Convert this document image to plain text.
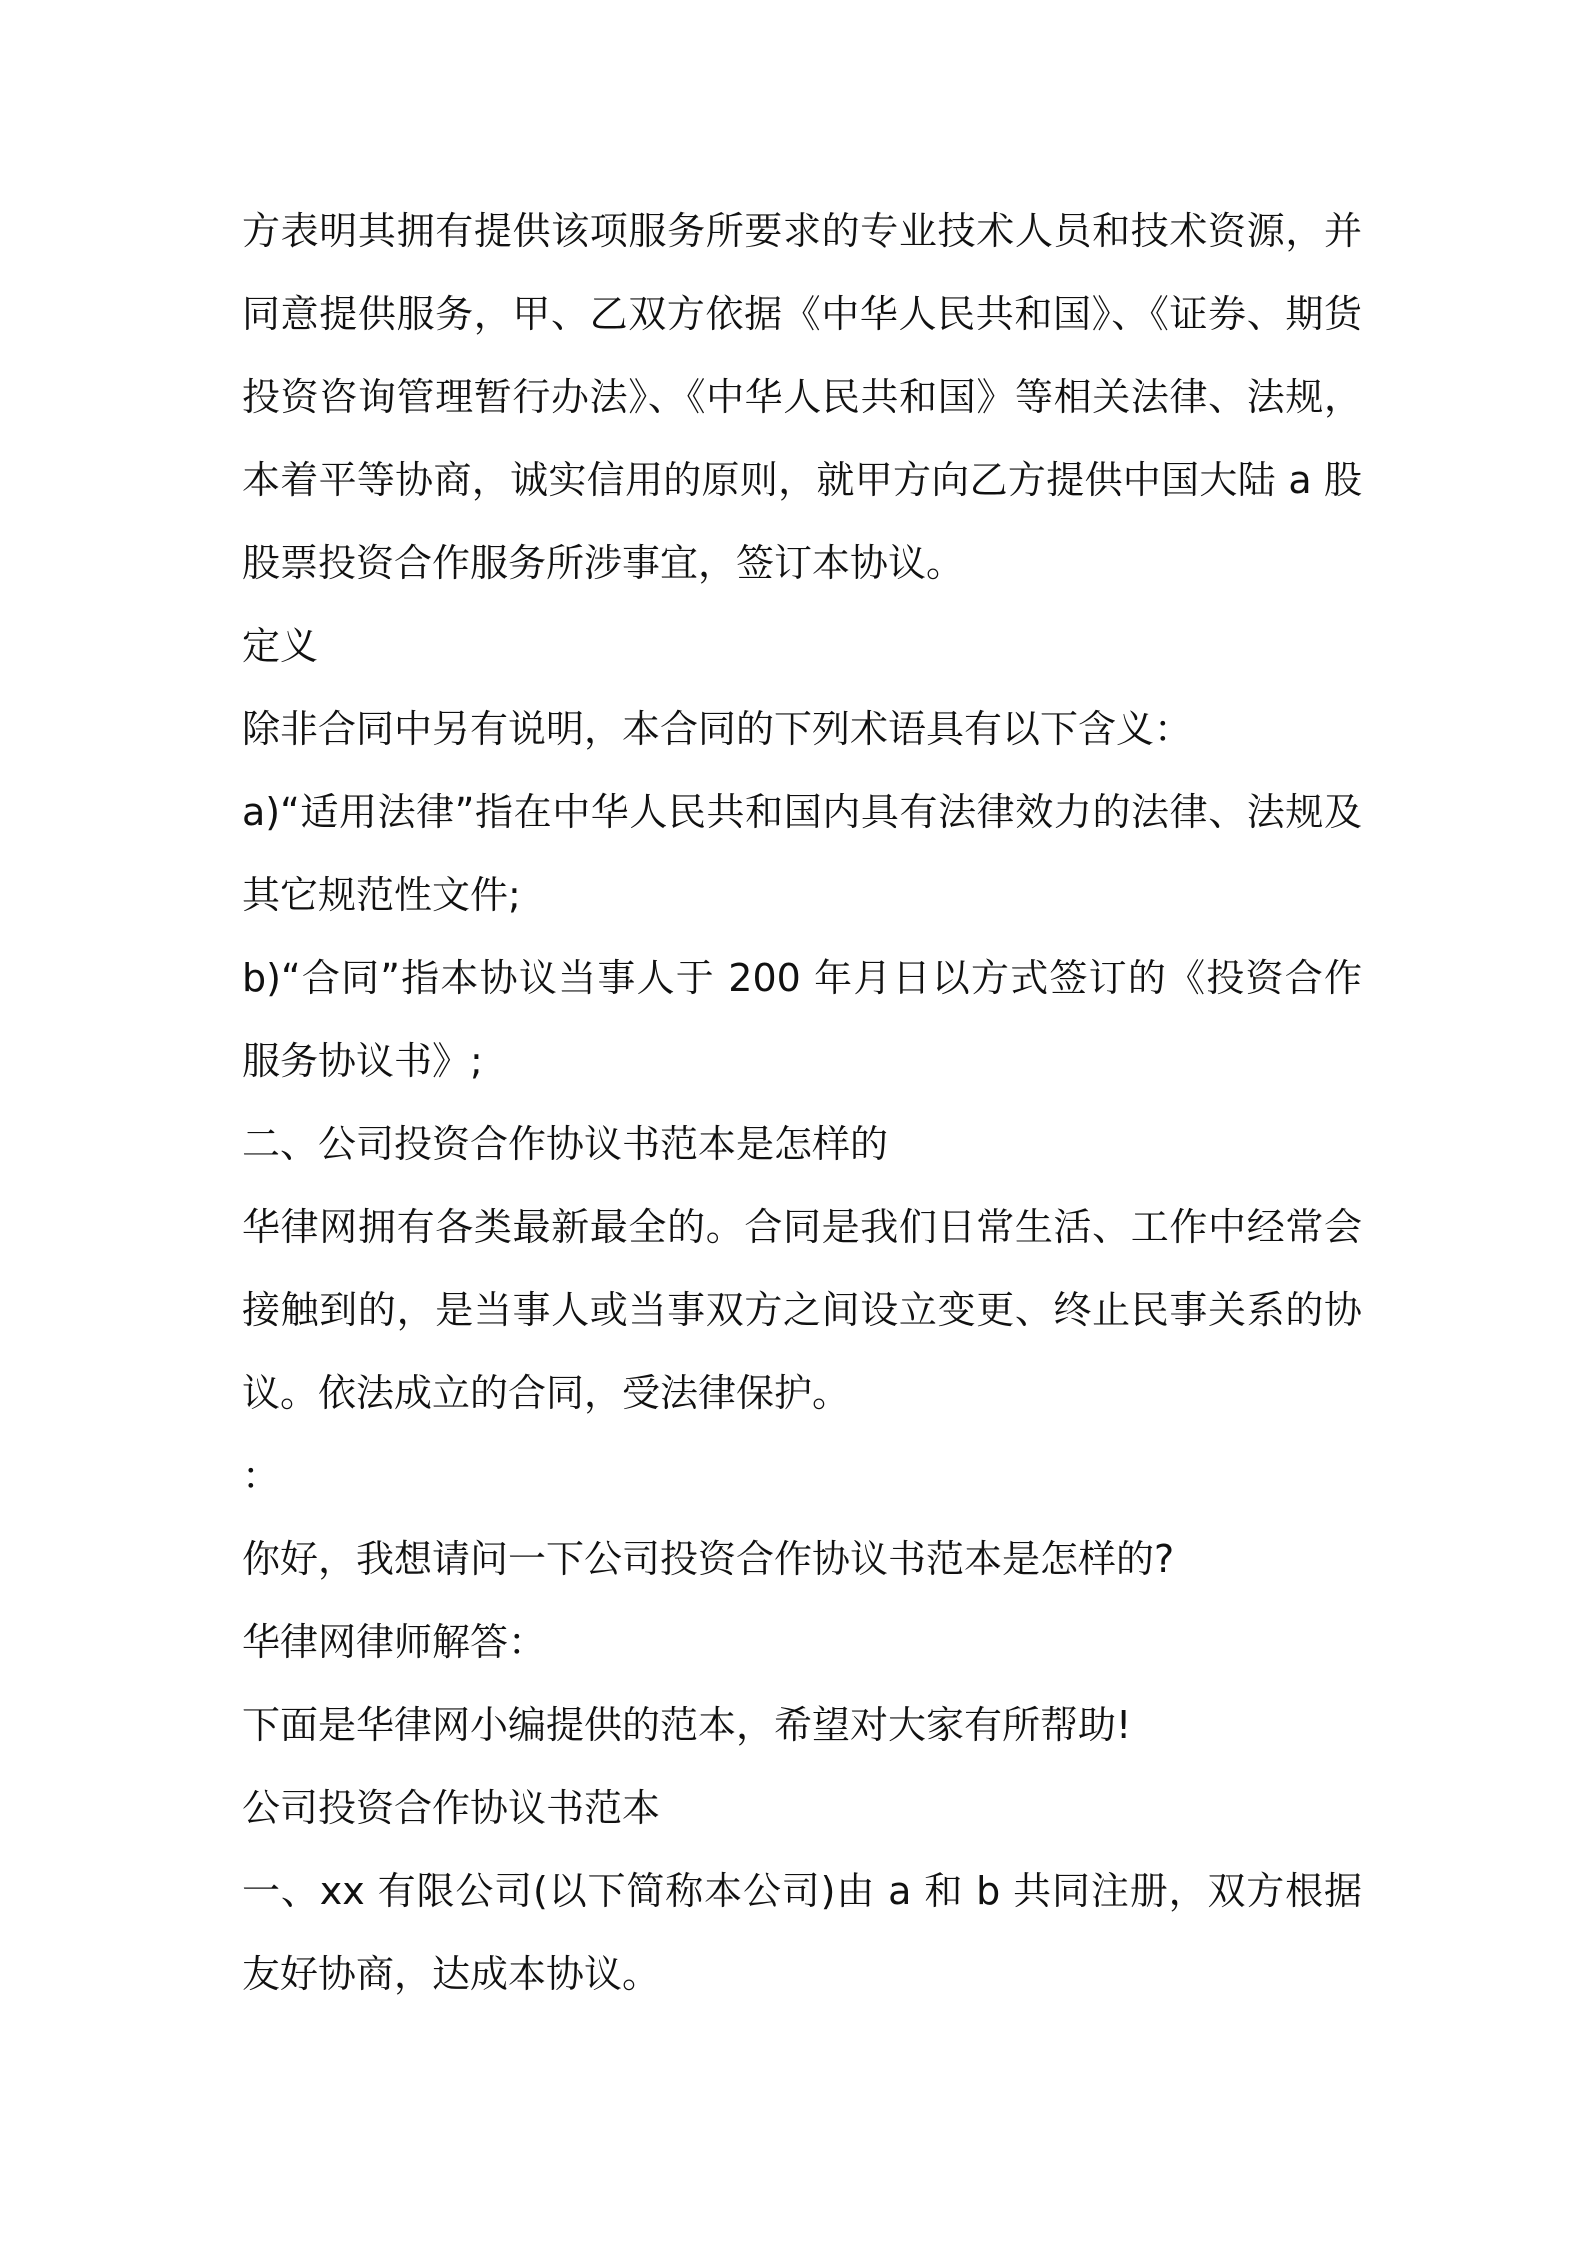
方表明其拥有提供该项服务所要求的专业技术人员和技术资源，并同意提供服务，甲、乙双方依据《中华人民共和国》、《证券、期货投资咨询管理暂行办法》、《中华人民共和国》等相关法律、法规，本着平等协商，诚实信用的原则，就甲方向乙方提供中国大陆 a 股股票投资合作服务所涉事宜，签订本协议。

定义

除非合同中另有说明，本合同的下列术语具有以下含义：

a)“适用法律”指在中华人民共和国内具有法律效力的法律、法规及其它规范性文件;

b)“合同”指本协议当事人于 200 年月日以方式签订的《投资合作服务协议书》;

二、公司投资合作协议书范本是怎样的

华律网拥有各类最新最全的。合同是我们日常生活、工作中经常会接触到的，是当事人或当事双方之间设立变更、终止民事关系的协议。依法成立的合同，受法律保护。

：

你好，我想请问一下公司投资合作协议书范本是怎样的?

华律网律师解答：

下面是华律网小编提供的范本，希望对大家有所帮助!

公司投资合作协议书范本

一、xx 有限公司(以下简称本公司)由 a 和 b 共同注册，双方根据友好协商，达成本协议。
